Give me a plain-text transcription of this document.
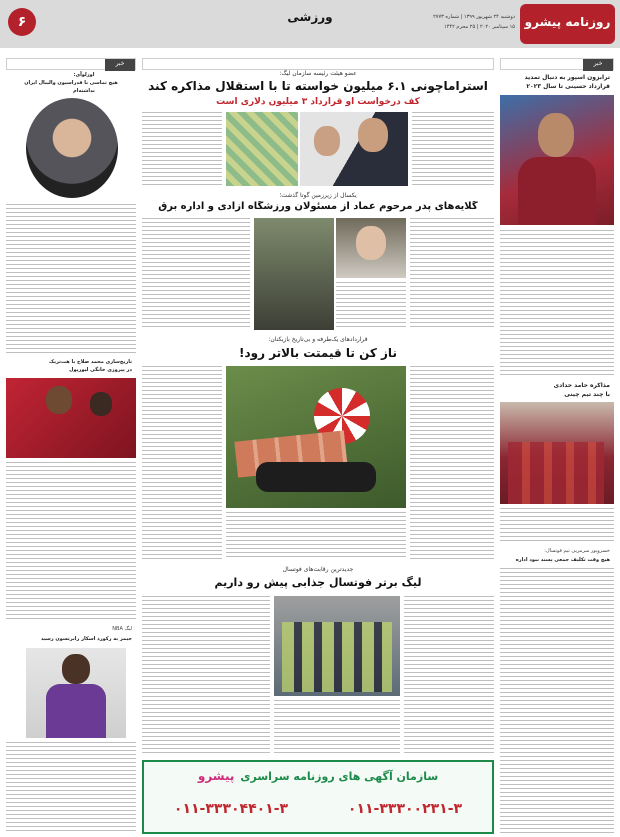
۶	ورزشی	روزنامه پیشرو
دوشنبه ۲۴ شهریور ۱۳۹۹ | شماره ۲۷۷۳
۱۵ سپتامبر ۲۰۲۰ | ۲۵ محرم ۱۴۴۲
خبر
ترابزون اسپور به دنبال تمدید
قرارداد حسینی تا سال ۲۰۲۳
مذاکره حامد حدادی
با چند تیم چینی
خسرو‌پور سرمربی تیم فوتسال:
هیچ وقت تکلیف جمعی پسند نبود اداره
خبر
اوزلوآی:
هیچ تماسی با فدراسیون والیبال ایران
نداشته‌ام
تاریخ‌سازی محمد صلاح با هت‌تریک
در پیروزی خانگی لیورپول
لیگ NBA
جیمز به رکورد اسکار رابرتسون رسید
عضو هیئت رئیسه سازمان لیگ:
استراماچونی ۶.۱ میلیون خواسته تا با استقلال مذاکره کند
کف درخواست او قرارداد ۳ میلیون دلاری است
یکسال از زیرزمین گوتا گذشت؛
گلایه‌های پدر مرحوم عماد از مسئولان ورزشگاه آزادی و اداره برق
قراردادهای یک‌طرفه و بی‌تاریخ بازیکنان:
ناز کن تا قیمتت بالاتر رود!
جدیدترین رقابت‌های فوتسال
لیگ برتر فوتسال جذابی پیش رو داریم
سازمان آگهی های روزنامه سراسری
پیشرو
۰۱۱-۳۳۳۰۴۴۰۱-۳	۰۱۱-۳۳۳۰۰۲۳۱-۳
